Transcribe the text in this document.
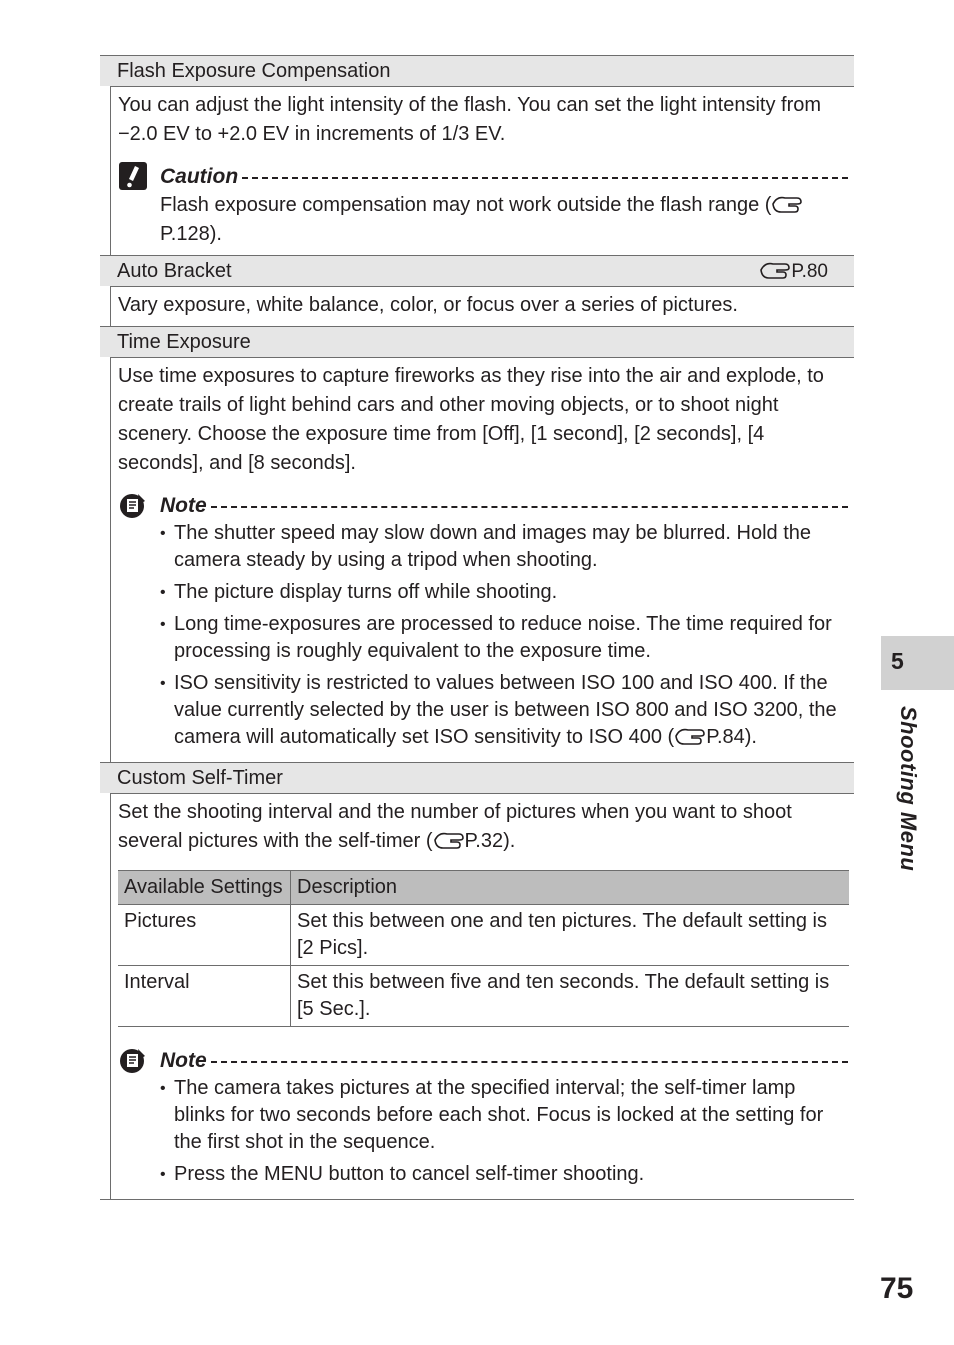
Flash Exposure Compensation

You can adjust the light intensity of the flash. You can set the light intensity from −2.0 EV to +2.0 EV in increments of 1/3 EV.

Caution
Flash exposure compensation may not work outside the flash range (P.128).
Auto Bracket	P.80

Vary exposure, white balance, color, or focus over a series of pictures.

Time Exposure

Use time exposures to capture fireworks as they rise into the air and explode, to create trails of light behind cars and other moving objects, or to shoot night scenery. Choose the exposure time from [Off], [1 second], [2 seconds], [4 seconds], and [8 seconds].

Note
• The shutter speed may slow down and images may be blurred. Hold the camera steady by using a tripod when shooting.
• The picture display turns off while shooting.
• Long time-exposures are processed to reduce noise. The time required for processing is roughly equivalent to the exposure time.
• ISO sensitivity is restricted to values between ISO 100 and ISO 400. If the value currently selected by the user is between ISO 800 and ISO 3200, the camera will automatically set ISO sensitivity to ISO 400 ( P.84).
Custom Self-Timer

Set the shooting interval and the number of pictures when you want to shoot several pictures with the self-timer ( P.32).

Available Settings	Description
Pictures	Set this between one and ten pictures. The default setting is [2 Pics].
Interval	Set this between five and ten seconds. The default setting is [5 Sec.].
Note
• The camera takes pictures at the specified interval; the self-timer lamp blinks for two seconds before each shot. Focus is locked at the setting for the first shot in the sequence.
• Press the MENU button to cancel self-timer shooting.
5
Shooting Menu
75
